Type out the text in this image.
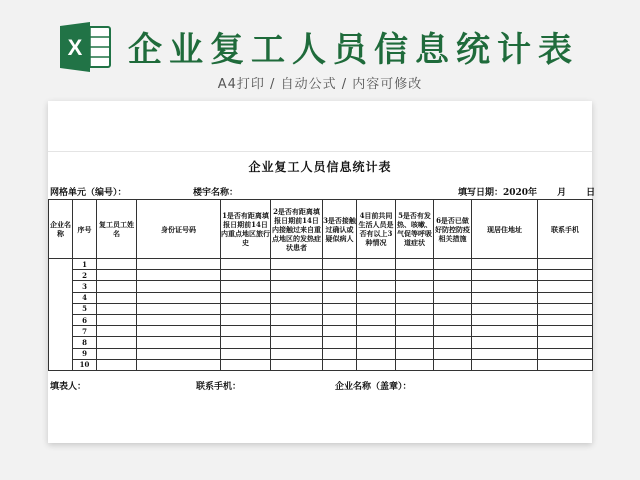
X 企业复工人员信息统计表
A4打印 / 自动公式 / 内容可修改
企业复工人员信息统计表
网格单元（编号）：	楼宇名称：	填写日期：2020年 月 日
企业名称	序号	复工员工姓名	身份证号码	1是否有距离填报日期前14日内重点地区旅行史	2是否有距离填报日期前14日内接触过来自重点地区的发热症状患者	3是否接触过确认或疑似病人	4目前共同生活人员是否有以上3种情况	5是否有发热、咳嗽、气促等呼吸道症状	6是否已做好防控防疫相关措施	现居住地址	联系手机
	1										
	2										
	3										
	4										
	5										
	6										
	7										
	8										
	9										
	10										
填表人：	联系手机：	企业名称（盖章）：
